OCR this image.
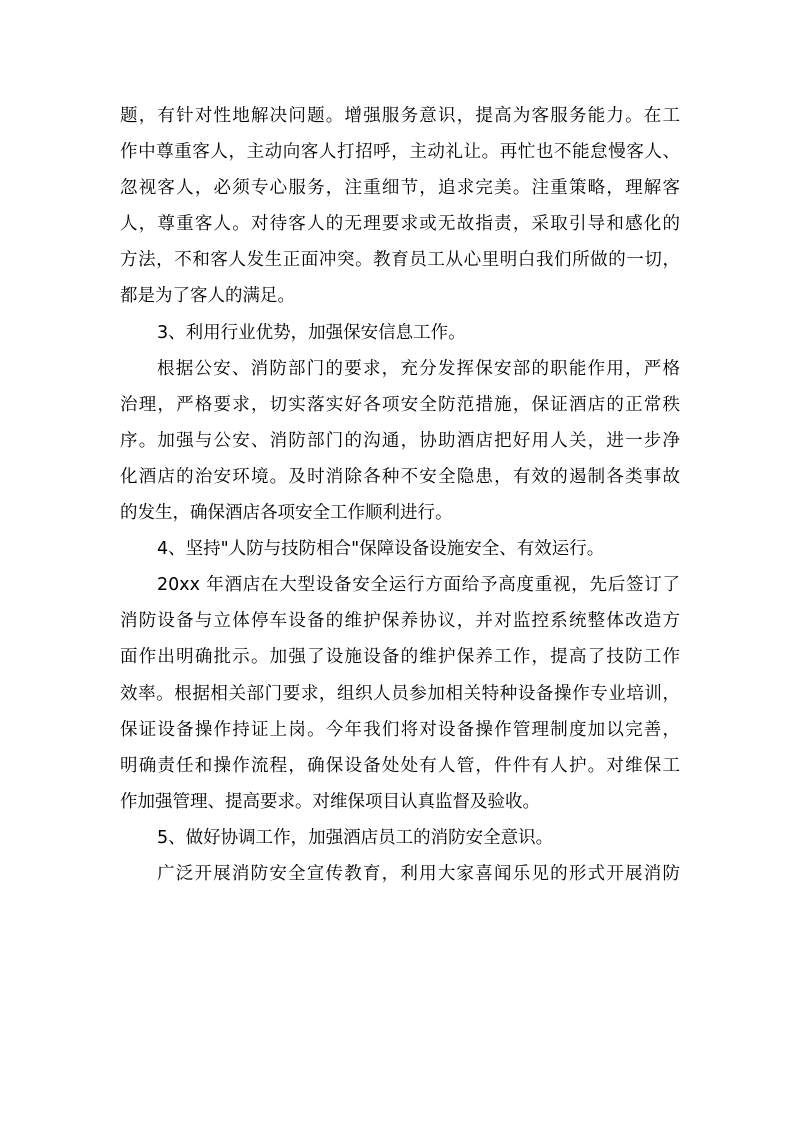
题，有针对性地解决问题。增强服务意识，提高为客服务能力。在工
作中尊重客人，主动向客人打招呼，主动礼让。再忙也不能怠慢客人、
忽视客人，必须专心服务，注重细节，追求完美。注重策略，理解客
人，尊重客人。对待客人的无理要求或无故指责，采取引导和感化的
方法，不和客人发生正面冲突。教育员工从心里明白我们所做的一切，
都是为了客人的满足。
3、利用行业优势，加强保安信息工作。
根据公安、消防部门的要求，充分发挥保安部的职能作用，严格
治理，严格要求，切实落实好各项安全防范措施，保证酒店的正常秩
序。加强与公安、消防部门的沟通，协助酒店把好用人关，进一步净
化酒店的治安环境。及时消除各种不安全隐患，有效的遏制各类事故
的发生，确保酒店各项安全工作顺利进行。
4、坚持"人防与技防相合"保障设备设施安全、有效运行。
20xx 年酒店在大型设备安全运行方面给予高度重视，先后签订了
消防设备与立体停车设备的维护保养协议，并对监控系统整体改造方
面作出明确批示。加强了设施设备的维护保养工作，提高了技防工作
效率。根据相关部门要求，组织人员参加相关特种设备操作专业培训，
保证设备操作持证上岗。今年我们将对设备操作管理制度加以完善，
明确责任和操作流程，确保设备处处有人管，件件有人护。对维保工
作加强管理、提高要求。对维保项目认真监督及验收。
5、做好协调工作，加强酒店员工的消防安全意识。
广泛开展消防安全宣传教育，利用大家喜闻乐见的形式开展消防
